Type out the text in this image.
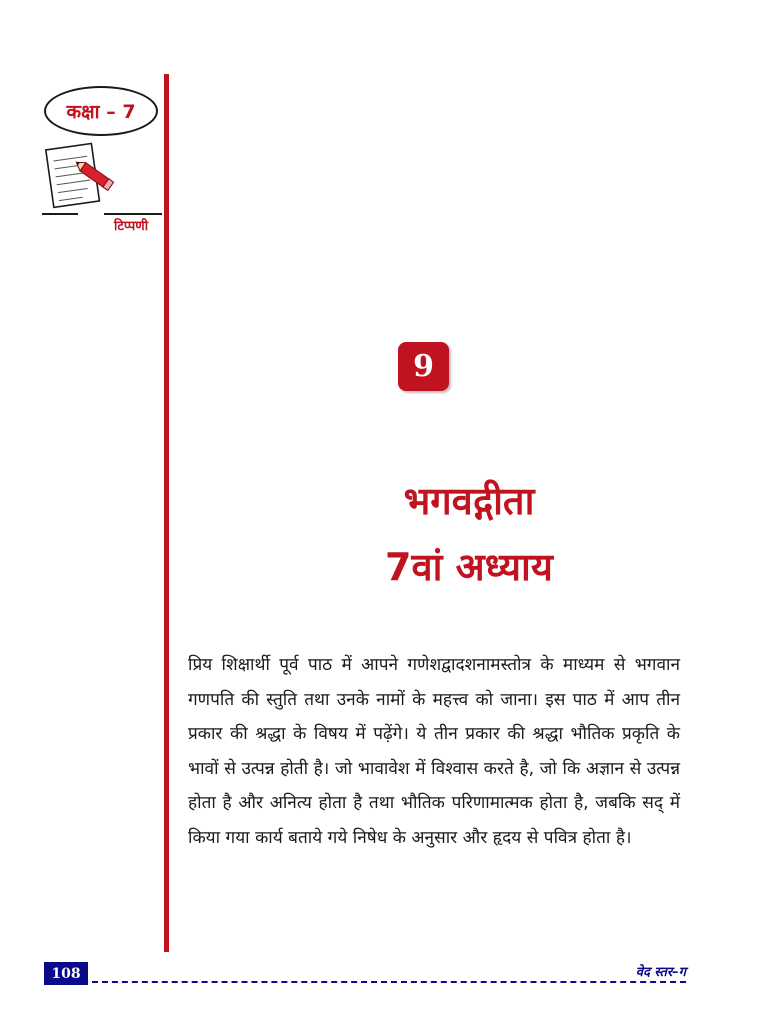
कक्षा – 7
टिप्पणी
9
भगवद्गीता
7वां अध्याय
प्रिय शिक्षार्थी पूर्व पाठ में आपने गणेशद्वादशनामस्तोत्र के माध्यम से भगवान गणपति की स्तुति तथा उनके नामों के महत्त्व को जाना। इस पाठ में आप तीन प्रकार की श्रद्धा के विषय में पढ़ेंगे। ये तीन प्रकार की श्रद्धा भौतिक प्रकृति के भावों से उत्पन्न होती है। जो भावावेश में विश्वास करते है, जो कि अज्ञान से उत्पन्न होता है और अनित्य होता है तथा भौतिक परिणामात्मक होता है, जबकि सद् में किया गया कार्य बताये गये निषेध के अनुसार और हृदय से पवित्र होता है।
108	वेद स्तर–ग
